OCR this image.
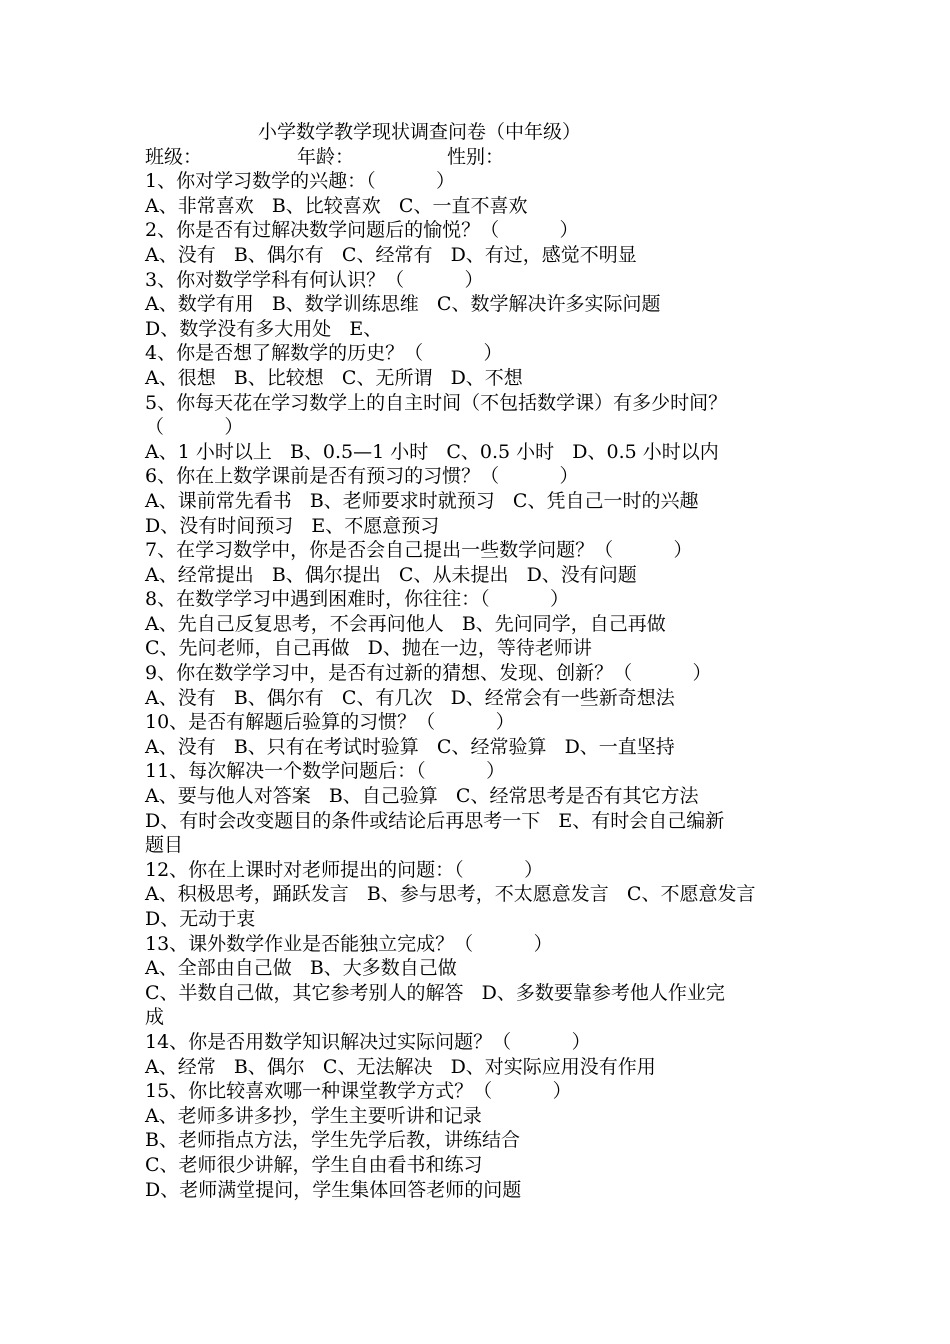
小学数学教学现状调查问卷（中年级）
班级：	年龄：	性别：
1、你对学习数学的兴趣：（          ）
A、非常喜欢   B、比较喜欢   C、一直不喜欢
2、你是否有过解决数学问题后的愉悦？（          ）
A、没有   B、偶尔有   C、经常有   D、有过，感觉不明显
3、你对数学学科有何认识？（          ）
A、数学有用   B、数学训练思维   C、数学解决许多实际问题
D、数学没有多大用处   E、
4、你是否想了解数学的历史？（          ）
A、很想   B、比较想   C、无所谓   D、不想
5、你每天花在学习数学上的自主时间（不包括数学课）有多少时间？
（          ）
A、1 小时以上   B、0.5—1 小时   C、0.5 小时   D、0.5 小时以内
6、你在上数学课前是否有预习的习惯？（          ）
A、课前常先看书   B、老师要求时就预习   C、凭自己一时的兴趣
D、没有时间预习   E、不愿意预习
7、在学习数学中，你是否会自己提出一些数学问题？（          ）
A、经常提出   B、偶尔提出   C、从未提出   D、没有问题
8、在数学学习中遇到困难时，你往往：（          ）
A、先自己反复思考，不会再问他人   B、先问同学，自己再做
C、先问老师，自己再做   D、抛在一边，等待老师讲
9、你在数学学习中，是否有过新的猜想、发现、创新？（          ）
A、没有   B、偶尔有   C、有几次   D、经常会有一些新奇想法
10、是否有解题后验算的习惯？（          ）
A、没有   B、只有在考试时验算   C、经常验算   D、一直坚持
11、每次解决一个数学问题后：（          ）
A、要与他人对答案   B、自己验算   C、经常思考是否有其它方法
D、有时会改变题目的条件或结论后再思考一下   E、有时会自己编新
题目
12、你在上课时对老师提出的问题：（          ）
A、积极思考，踊跃发言   B、参与思考，不太愿意发言   C、不愿意发言
D、无动于衷
13、课外数学作业是否能独立完成？（          ）
A、全部由自己做   B、大多数自己做
C、半数自己做，其它参考别人的解答   D、多数要靠参考他人作业完
成
14、你是否用数学知识解决过实际问题？（          ）
A、经常   B、偶尔   C、无法解决   D、对实际应用没有作用
15、你比较喜欢哪一种课堂教学方式？（          ）
A、老师多讲多抄，学生主要听讲和记录
B、老师指点方法，学生先学后教，讲练结合
C、老师很少讲解，学生自由看书和练习
D、老师满堂提问，学生集体回答老师的问题
